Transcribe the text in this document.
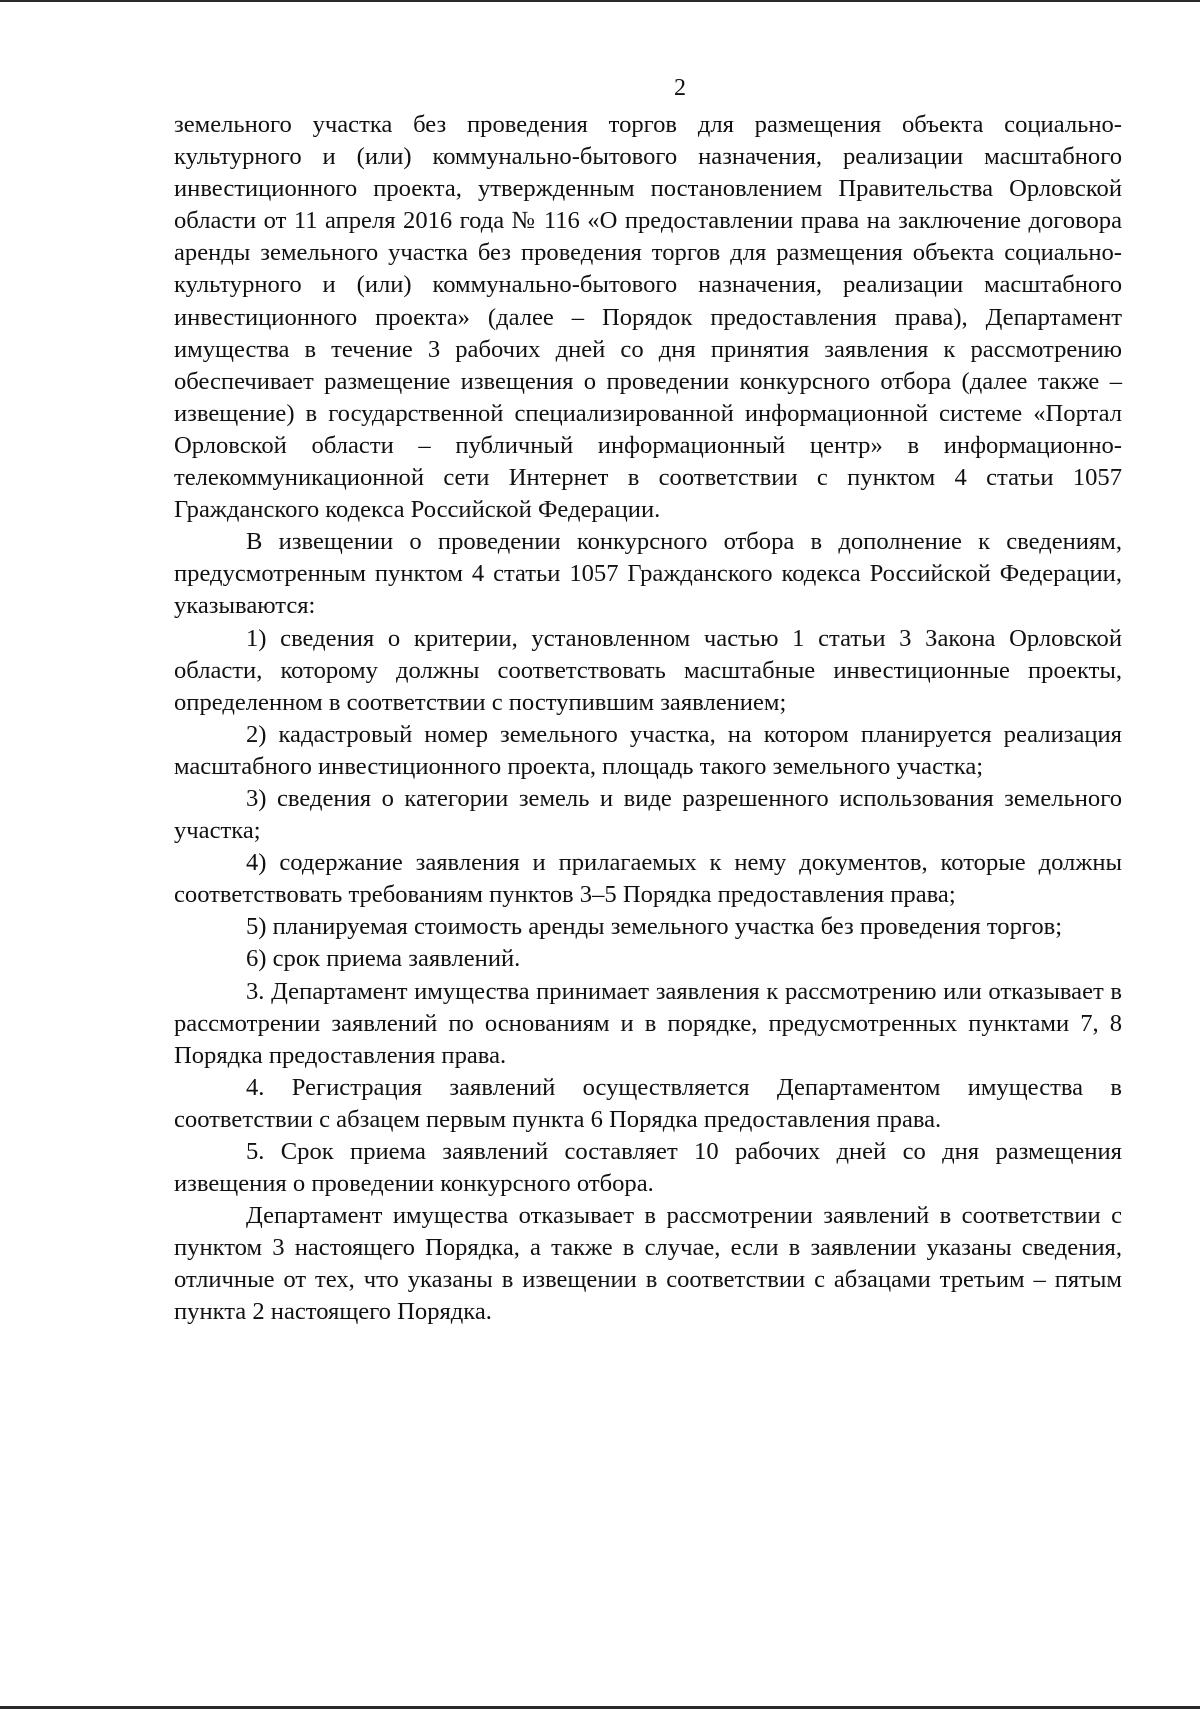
2

земельного участка без проведения торгов для размещения объекта социально-культурного и (или) коммунально-бытового назначения, реализации масштабного инвестиционного проекта, утвержденным постановлением Правительства Орловской области от 11 апреля 2016 года № 116 «О предоставлении права на заключение договора аренды земельного участка без проведения торгов для размещения объекта социально-культурного и (или) коммунально-бытового назначения, реализации масштабного инвестиционного проекта» (далее – Порядок предоставления права), Департамент имущества в течение 3 рабочих дней со дня принятия заявления к рассмотрению обеспечивает размещение извещения о проведении конкурсного отбора (далее также – извещение) в государственной специализированной информационной системе «Портал Орловской области – публичный информационный центр» в информационно-телекоммуникационной сети Интернет в соответствии с пунктом 4 статьи 1057 Гражданского кодекса Российской Федерации.

В извещении о проведении конкурсного отбора в дополнение к сведениям, предусмотренным пунктом 4 статьи 1057 Гражданского кодекса Российской Федерации, указываются:

1) сведения о критерии, установленном частью 1 статьи 3 Закона Орловской области, которому должны соответствовать масштабные инвестиционные проекты, определенном в соответствии с поступившим заявлением;

2) кадастровый номер земельного участка, на котором планируется реализация масштабного инвестиционного проекта, площадь такого земельного участка;

3) сведения о категории земель и виде разрешенного использования земельного участка;

4) содержание заявления и прилагаемых к нему документов, которые должны соответствовать требованиям пунктов 3–5 Порядка предоставления права;

5) планируемая стоимость аренды земельного участка без проведения торгов;

6) срок приема заявлений.

3. Департамент имущества принимает заявления к рассмотрению или отказывает в рассмотрении заявлений по основаниям и в порядке, предусмотренных пунктами 7, 8 Порядка предоставления права.

4. Регистрация заявлений осуществляется Департаментом имущества в соответствии с абзацем первым пункта 6 Порядка предоставления права.

5. Срок приема заявлений составляет 10 рабочих дней со дня размещения извещения о проведении конкурсного отбора.

Департамент имущества отказывает в рассмотрении заявлений в соответствии с пунктом 3 настоящего Порядка, а также в случае, если в заявлении указаны сведения, отличные от тех, что указаны в извещении в соответствии с абзацами третьим – пятым пункта 2 настоящего Порядка.
